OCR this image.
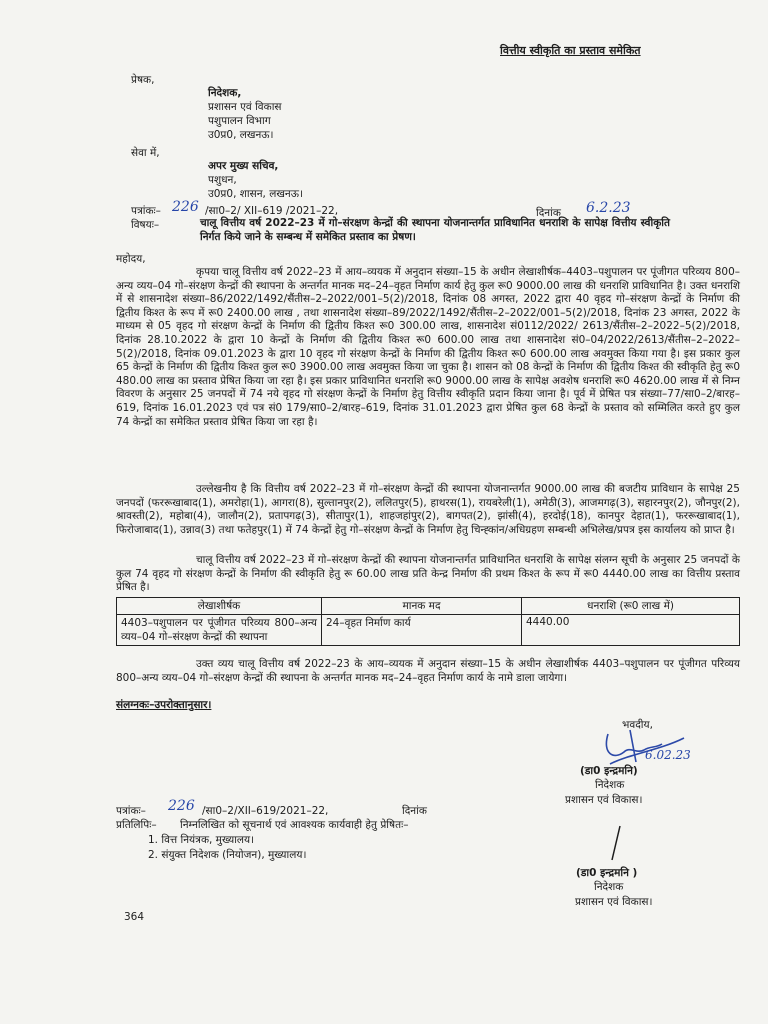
वित्तीय स्वीकृति का प्रस्ताव समेकित
प्रेषक,
निदेशक,
प्रशासन एवं विकास
पशुपालन विभाग
उ0प्र0, लखनऊ।
सेवा में,
अपर मुख्य सचिव,
पशुधन,
उ0प्र0, शासन, लखनऊ।
पत्रांकः– 226 /सा0–2/ XII–619 /2021–22,	दिनांक 6.2.23
विषयः–	चालू वित्तीय वर्ष 2022–23 में गो–संरक्षण केन्द्रों की स्थापना योजनान्तर्गत प्राविधानित धनराशि के सापेक्ष वित्तीय स्वीकृति निर्गत किये जाने के सम्बन्ध में समेकित प्रस्ताव का प्रेषण।
महोदय,
कृपया चालू वित्तीय वर्ष 2022–23 में आय–व्ययक में अनुदान संख्या–15 के अधीन लेखाशीर्षक–4403–पशुपालन पर पूंजीगत परिव्यय 800–अन्य व्यय–04 गो–संरक्षण केन्द्रों की स्थापना के अन्तर्गत मानक मद–24–वृहत निर्माण कार्य हेतु कुल रू0 9000.00 लाख की धनराशि प्राविधानित है। उक्त धनराशि में से शासनादेश संख्या–86/2022/1492/सैंतीस–2–2022/001–5(2)/2018, दिनांक 08 अगस्त, 2022 द्वारा 40 वृहद गो–संरक्षण केन्द्रों के निर्माण की द्वितीय किश्त के रूप में रू0 2400.00 लाख , तथा शासनादेश संख्या–89/2022/1492/सैंतीस–2–2022/001–5(2)/2018, दिनांक 23 अगस्त, 2022 के माध्यम से 05 वृहद गो संरक्षण केन्द्रों के निर्माण की द्वितीय किश्त रू0 300.00 लाख, शासनादेश सं0112/2022/ 2613/सैंतीस–2–2022–5(2)/2018, दिनांक 28.10.2022 के द्वारा 10 केन्द्रों के निर्माण की द्वितीय किश्त रू0 600.00 लाख तथा शासनादेश सं0–04/2022/2613/सैंतीस–2–2022–5(2)/2018, दिनांक 09.01.2023 के द्वारा 10 वृहद गो संरक्षण केन्द्रों के निर्माण की द्वितीय किश्त रू0 600.00 लाख अवमुक्त किया गया है। इस प्रकार कुल 65 केन्द्रों के निर्माण की द्वितीय किश्त कुल रू0 3900.00 लाख अवमुक्त किया जा चुका है। शासन को 08 केन्द्रों के निर्माण की द्वितीय किश्त की स्वीकृति हेतु रू0 480.00 लाख का प्रस्ताव प्रेषित किया जा रहा है। इस प्रकार प्राविधानित धनराशि रू0 9000.00 लाख के सापेक्ष अवशेष धनराशि रू0 4620.00 लाख में से निम्न विवरण के अनुसार 25 जनपदों में 74 नये वृहद गो संरक्षण केन्द्रों के निर्माण हेतु वित्तीय स्वीकृति प्रदान किया जाना है। पूर्व में प्रेषित पत्र संख्या–77/सा0–2/बारह–619, दिनांक 16.01.2023 एवं पत्र सं0 179/सा0–2/बारह–619, दिनांक 31.01.2023 द्वारा प्रेषित कुल 68 केन्द्रों के प्रस्ताव को सम्मिलित करते हुए कुल 74 केन्द्रों का समेकित प्रस्ताव प्रेषित किया जा रहा है।
उल्लेखनीय है कि वित्तीय वर्ष 2022–23 में गो–संरक्षण केन्द्रों की स्थापना योजनान्तर्गत 9000.00 लाख की बजटीय प्राविधान के सापेक्ष 25 जनपदों (फररूखाबाद(1), अमरोहा(1), आगरा(8), सुल्तानपुर(2), ललितपुर(5), हाथरस(1), रायबरेली(1), अमेठी(3), आजमगढ़(3), सहारनपुर(2), जौनपुर(2), श्रावस्ती(2), महोबा(4), जालौन(2), प्रतापगढ़(3), सीतापुर(1), शाहजहांपुर(2), बागपत(2), झांसी(4), हरदोई(18), कानपुर देहात(1), फररूखाबाद(1), फिरोजाबाद(1), उन्नाव(3) तथा फतेहपुर(1) में 74 केन्द्रों हेतु गो–संरक्षण केन्द्रों के निर्माण हेतु चिन्ह्कांन/अधिग्रहण सम्बन्धी अभिलेख/प्रपत्र इस कार्यालय को प्राप्त है।
चालू वित्तीय वर्ष 2022–23 में गो–संरक्षण केन्द्रों की स्थापना योजनान्तर्गत प्राविधानित धनराशि के सापेक्ष संलग्न सूची के अनुसार 25 जनपदों के कुल 74 वृहद गो संरक्षण केन्द्रों के निर्माण की स्वीकृति हेतु रू 60.00 लाख प्रति केन्द्र निर्माण की प्रथम किश्त के रूप में रू0 4440.00 लाख का वित्तीय प्रस्ताव प्रेषित है।
लेखाशीर्षक	मानक मद	धनराशि (रू0 लाख में)
4403–पशुपालन पर पूंजीगत परिव्यय 800–अन्य व्यय–04 गो–संरक्षण केन्द्रों की स्थापना	24–वृहत निर्माण कार्य	4440.00
उक्त व्यय चालू वित्तीय वर्ष 2022–23 के आय–व्ययक में अनुदान संख्या–15 के अधीन लेखाशीर्षक 4403–पशुपालन पर पूंजीगत परिव्यय 800–अन्य व्यय–04 गो–संरक्षण केन्द्रों की स्थापना के अन्तर्गत मानक मद–24–वृहत निर्माण कार्य के नामे डाला जायेगा।
संलग्नकः–उपरोक्तानुसार।
भवदीय,
6.02.23
(डा0 इन्द्रमनि)
निदेशक
प्रशासन एवं विकास।
पत्रांकः– 226 /सा0–2/XII–619/2021–22,	दिनांक
प्रतिलिपिः– निम्नलिखित को सूचनार्थ एवं आवश्यक कार्यवाही हेतु प्रेषितः–
1. वित्त नियंत्रक, मुख्यालय।
2. संयुक्त निदेशक (नियोजन), मुख्यालय।
(डा0 इन्द्रमनि )
निदेशक
प्रशासन एवं विकास।
364
